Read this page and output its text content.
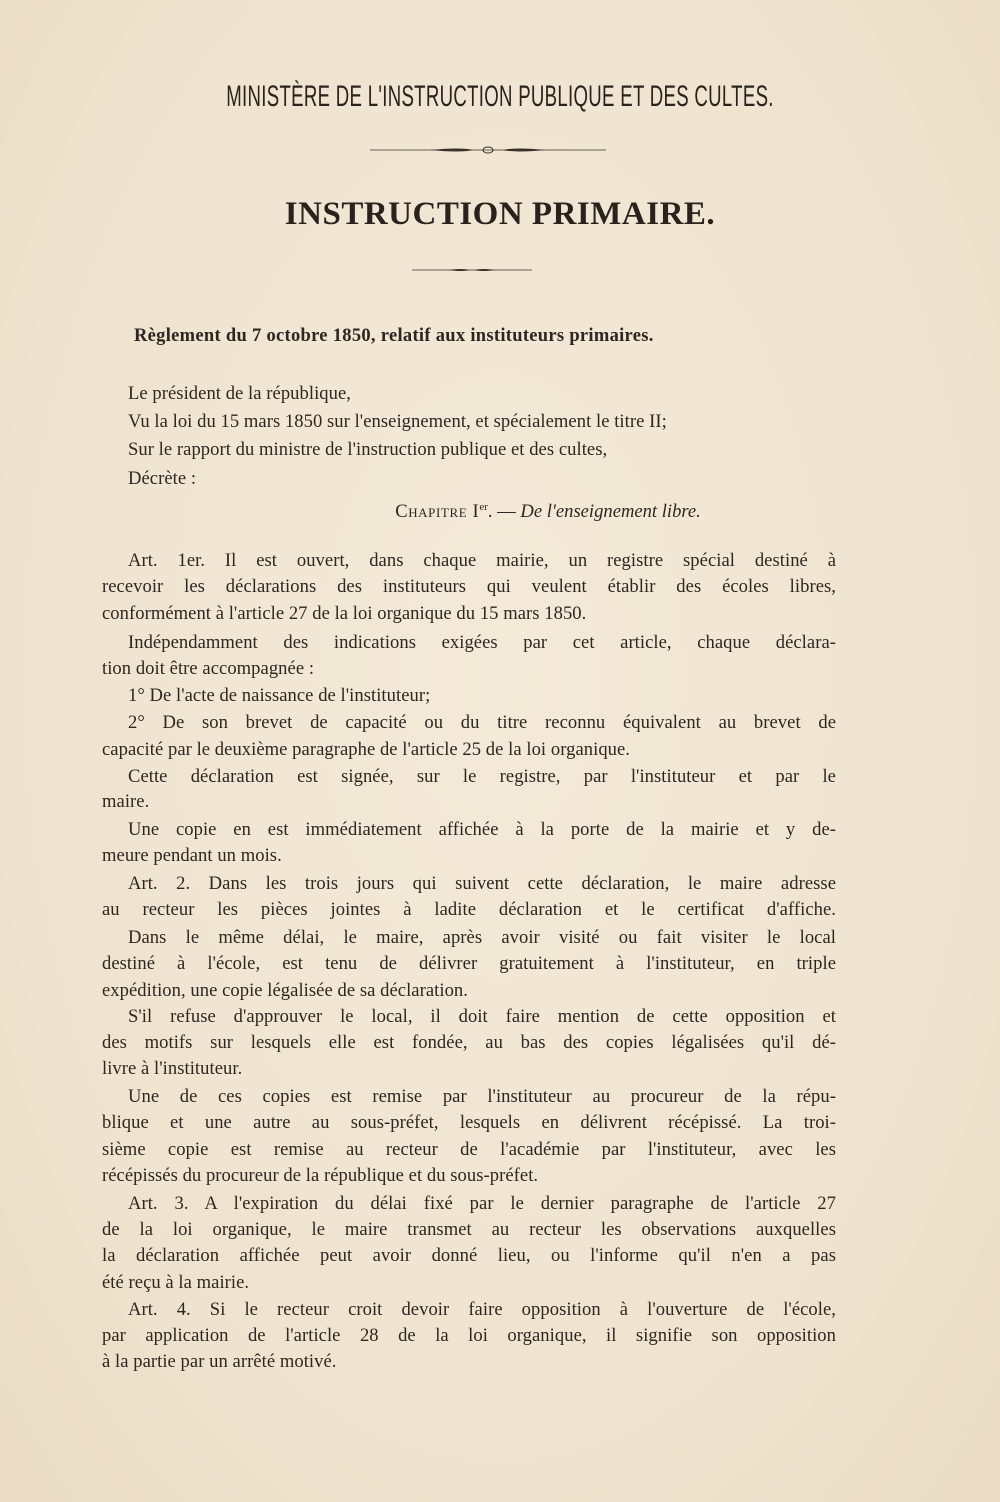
MINISTÈRE DE L'INSTRUCTION PUBLIQUE ET DES CULTES.
INSTRUCTION PRIMAIRE.
Règlement du 7 octobre 1850, relatif aux instituteurs primaires.
Le président de la république,
Vu la loi du 15 mars 1850 sur l'enseignement, et spécialement le titre II;
Sur le rapport du ministre de l'instruction publique et des cultes,
Décrète :
Chapitre Ier. — De l'enseignement libre.
Art. 1er. Il est ouvert, dans chaque mairie, un registre spécial destiné à
recevoir les déclarations des instituteurs qui veulent établir des écoles libres,
conformément à l'article 27 de la loi organique du 15 mars 1850.
Indépendamment des indications exigées par cet article, chaque déclara-
tion doit être accompagnée :
1° De l'acte de naissance de l'instituteur;
2° De son brevet de capacité ou du titre reconnu équivalent au brevet de
capacité par le deuxième paragraphe de l'article 25 de la loi organique.
Cette déclaration est signée, sur le registre, par l'instituteur et par le
maire.
Une copie en est immédiatement affichée à la porte de la mairie et y de-
meure pendant un mois.
Art. 2. Dans les trois jours qui suivent cette déclaration, le maire adresse
au recteur les pièces jointes à ladite déclaration et le certificat d'affiche.
Dans le même délai, le maire, après avoir visité ou fait visiter le local
destiné à l'école, est tenu de délivrer gratuitement à l'instituteur, en triple
expédition, une copie légalisée de sa déclaration.
S'il refuse d'approuver le local, il doit faire mention de cette opposition et
des motifs sur lesquels elle est fondée, au bas des copies légalisées qu'il dé-
livre à l'instituteur.
Une de ces copies est remise par l'instituteur au procureur de la répu-
blique et une autre au sous-préfet, lesquels en délivrent récépissé. La troi-
sième copie est remise au recteur de l'académie par l'instituteur, avec les
récépissés du procureur de la république et du sous-préfet.
Art. 3. A l'expiration du délai fixé par le dernier paragraphe de l'article 27
de la loi organique, le maire transmet au recteur les observations auxquelles
la déclaration affichée peut avoir donné lieu, ou l'informe qu'il n'en a pas
été reçu à la mairie.
Art. 4. Si le recteur croit devoir faire opposition à l'ouverture de l'école,
par application de l'article 28 de la loi organique, il signifie son opposition
à la partie par un arrêté motivé.
